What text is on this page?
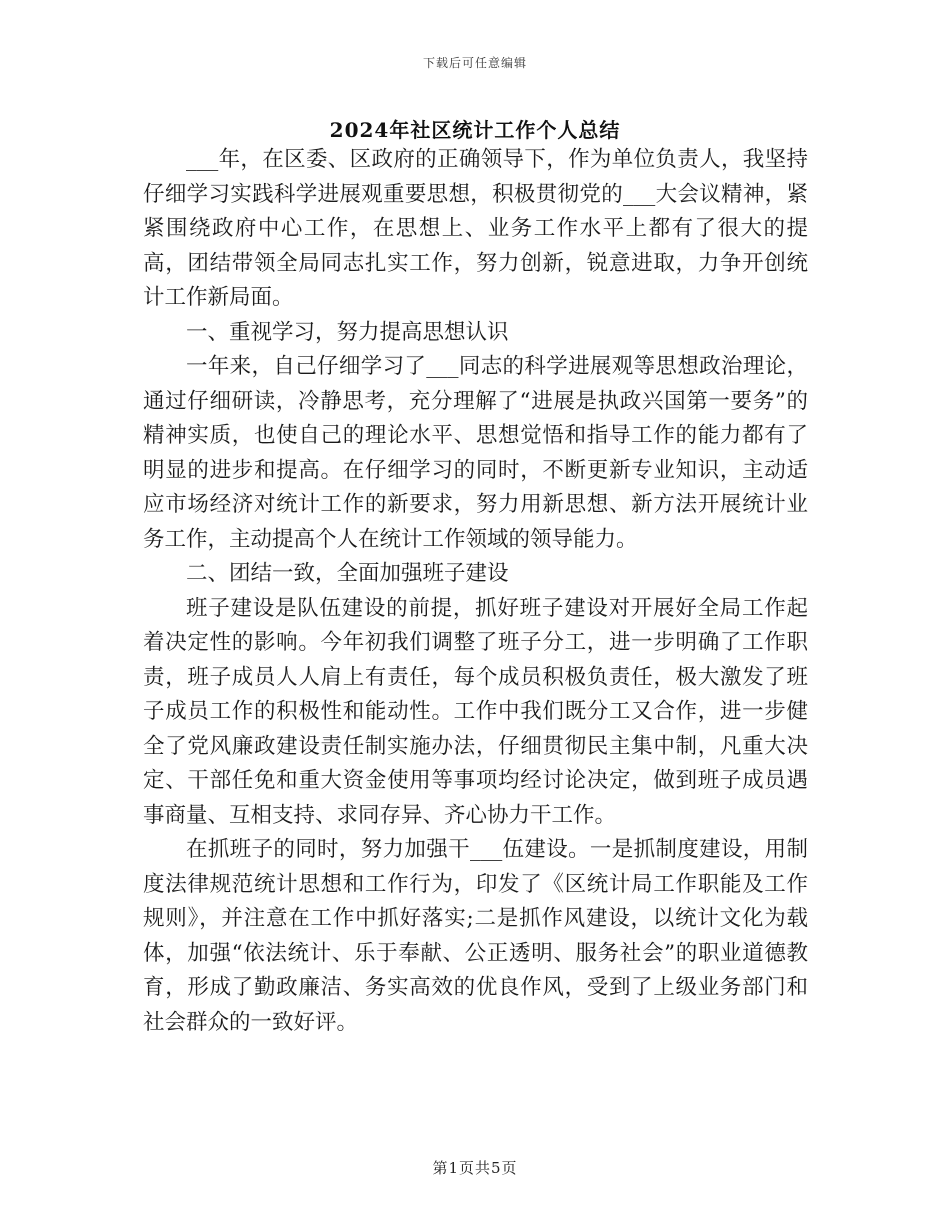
下载后可任意编辑
2024年社区统计工作个人总结

___年，在区委、区政府的正确领导下，作为单位负责人，我坚持仔细学习实践科学进展观重要思想，积极贯彻党的___大会议精神，紧紧围绕政府中心工作，在思想上、业务工作水平上都有了很大的提高，团结带领全局同志扎实工作，努力创新，锐意进取，力争开创统计工作新局面。

一、重视学习，努力提高思想认识

一年来，自己仔细学习了___同志的科学进展观等思想政治理论，通过仔细研读，冷静思考，充分理解了“进展是执政兴国第一要务”的精神实质，也使自己的理论水平、思想觉悟和指导工作的能力都有了明显的进步和提高。在仔细学习的同时，不断更新专业知识，主动适应市场经济对统计工作的新要求，努力用新思想、新方法开展统计业务工作，主动提高个人在统计工作领域的领导能力。

二、团结一致，全面加强班子建设

班子建设是队伍建设的前提，抓好班子建设对开展好全局工作起着决定性的影响。今年初我们调整了班子分工，进一步明确了工作职责，班子成员人人肩上有责任，每个成员积极负责任，极大激发了班子成员工作的积极性和能动性。工作中我们既分工又合作，进一步健全了党风廉政建设责任制实施办法，仔细贯彻民主集中制，凡重大决定、干部任免和重大资金使用等事项均经讨论决定，做到班子成员遇事商量、互相支持、求同存异、齐心协力干工作。

在抓班子的同时，努力加强干___伍建设。一是抓制度建设，用制度法律规范统计思想和工作行为，印发了《区统计局工作职能及工作规则》，并注意在工作中抓好落实;二是抓作风建设，以统计文化为载体，加强“依法统计、乐于奉献、公正透明、服务社会”的职业道德教育，形成了勤政廉洁、务实高效的优良作风，受到了上级业务部门和社会群众的一致好评。

第1页共5页
